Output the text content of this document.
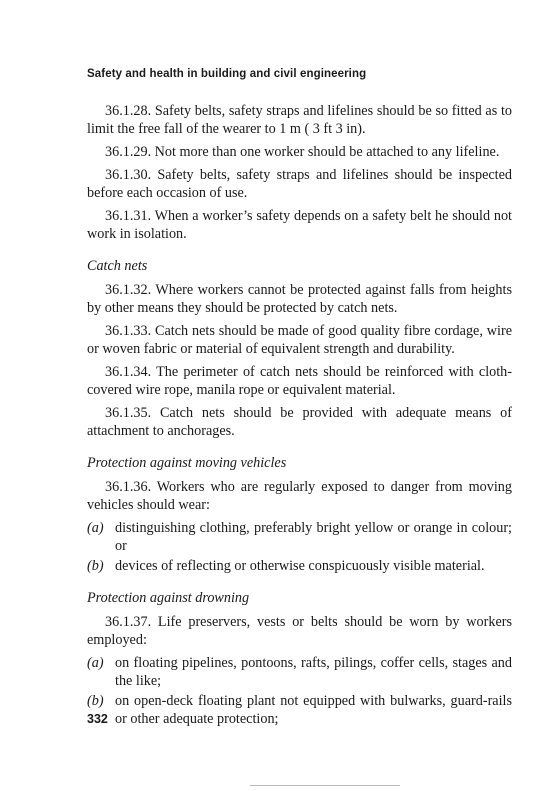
Safety and health in building and civil engineering

36.1.28. Safety belts, safety straps and lifelines should be so fitted as to limit the free fall of the wearer to 1 m ( 3 ft 3 in).

36.1.29. Not more than one worker should be attached to any lifeline.

36.1.30. Safety belts, safety straps and lifelines should be inspected before each occasion of use.

36.1.31. When a worker’s safety depends on a safety belt he should not work in isolation.

Catch nets

36.1.32. Where workers cannot be protected against falls from heights by other means they should be protected by catch nets.

36.1.33. Catch nets should be made of good quality fibre cordage, wire or woven fabric or material of equivalent strength and durability.

36.1.34. The perimeter of catch nets should be reinforced with cloth-covered wire rope, manila rope or equivalent material.

36.1.35. Catch nets should be provided with adequate means of attachment to anchorages.

Protection against moving vehicles

36.1.36. Workers who are regularly exposed to danger from moving vehicles should wear:

(a) distinguishing clothing, preferably bright yellow or orange in colour; or
(b) devices of reflecting or otherwise conspicuously visible material.
Protection against drowning

36.1.37. Life preservers, vests or belts should be worn by workers employed:

(a) on floating pipelines, pontoons, rafts, pilings, coffer cells, stages and the like;
(b) on open-deck floating plant not equipped with bulwarks, guard-rails or other adequate protection;
332
